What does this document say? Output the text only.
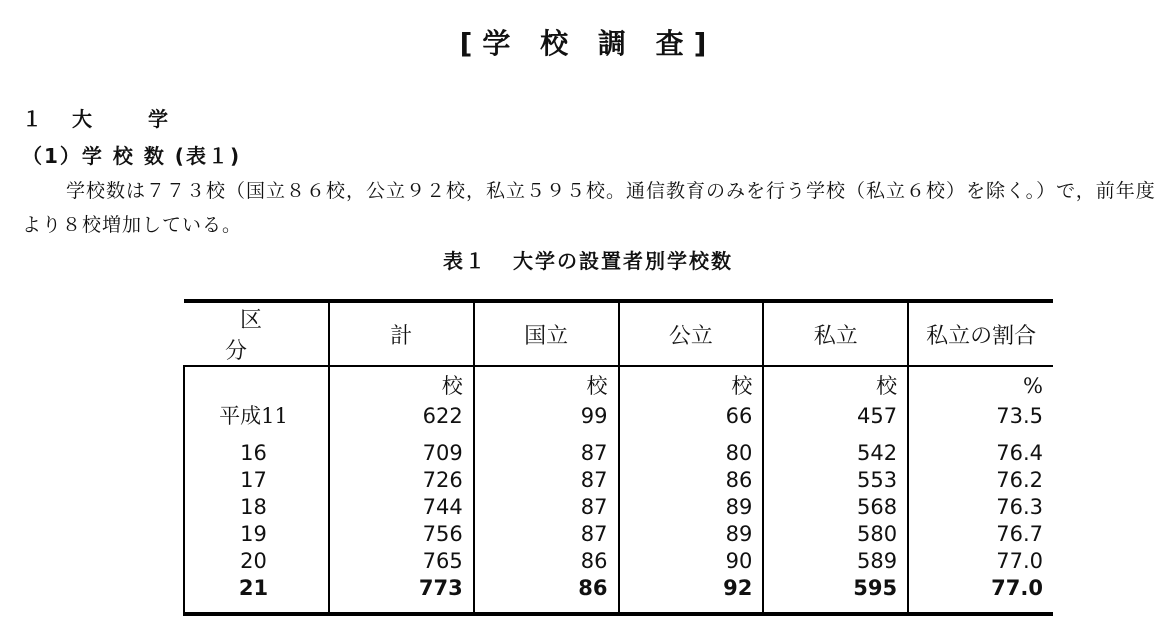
[学 校 調 査]
１ 大	学
（1）学 校 数 (表１)
学校数は７７３校（国立８６校，公立９２校，私立５９５校。通信教育のみを行う学校（私立６校）を除く。）で，前年度より８校増加している。
表１ 大学の設置者別学校数
区分	計	国立	公立	私立	私立の割合
	校	校	校	校	%
平成11	622	99	66	457	73.5
16	709	87	80	542	76.4
17	726	87	86	553	76.2
18	744	87	89	568	76.3
19	756	87	89	580	76.7
20	765	86	90	589	77.0
21	773	86	92	595	77.0
